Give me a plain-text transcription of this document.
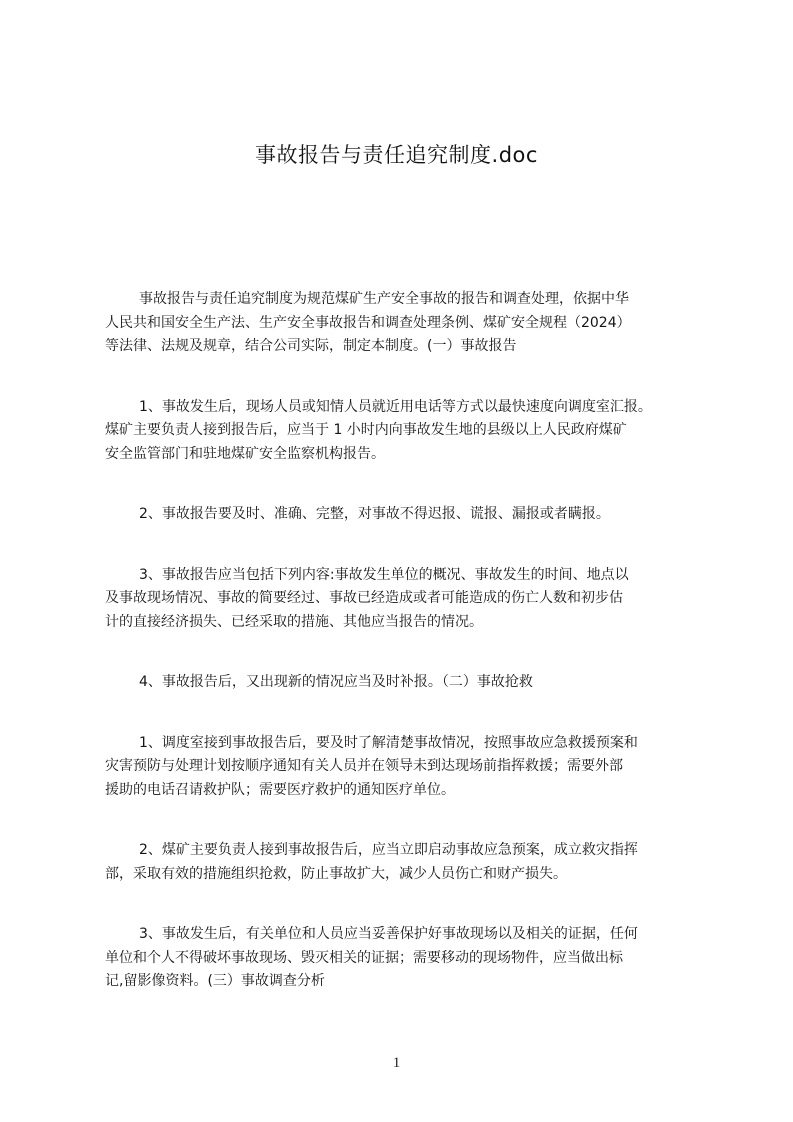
事故报告与责任追究制度.doc
事故报告与责任追究制度为规范煤矿生产安全事故的报告和调查处理，依据中华
人民共和国安全生产法、生产安全事故报告和调查处理条例、煤矿安全规程（2024）
等法律、法规及规章，结合公司实际，制定本制度。(一）事故报告
1、事故发生后，现场人员或知情人员就近用电话等方式以最快速度向调度室汇报。
煤矿主要负责人接到报告后，应当于 1 小时内向事故发生地的县级以上人民政府煤矿
安全监管部门和驻地煤矿安全监察机构报告。
2、事故报告要及时、准确、完整，对事故不得迟报、谎报、漏报或者瞒报。
3、事故报告应当包括下列内容:事故发生单位的概况、事故发生的时间、地点以
及事故现场情况、事故的简要经过、事故已经造成或者可能造成的伤亡人数和初步估
计的直接经济损失、已经采取的措施、其他应当报告的情况。
4、事故报告后，又出现新的情况应当及时补报。（二）事故抢救
1、调度室接到事故报告后，要及时了解清楚事故情况，按照事故应急救援预案和
灾害预防与处理计划按顺序通知有关人员并在领导未到达现场前指挥救援；需要外部
援助的电话召请救护队；需要医疗救护的通知医疗单位。
2、煤矿主要负责人接到事故报告后，应当立即启动事故应急预案，成立救灾指挥
部，采取有效的措施组织抢救，防止事故扩大，减少人员伤亡和财产损失。
3、事故发生后，有关单位和人员应当妥善保护好事故现场以及相关的证据，任何
单位和个人不得破坏事故现场、毁灭相关的证据；需要移动的现场物件，应当做出标
记,留影像资料。(三）事故调查分析
1
